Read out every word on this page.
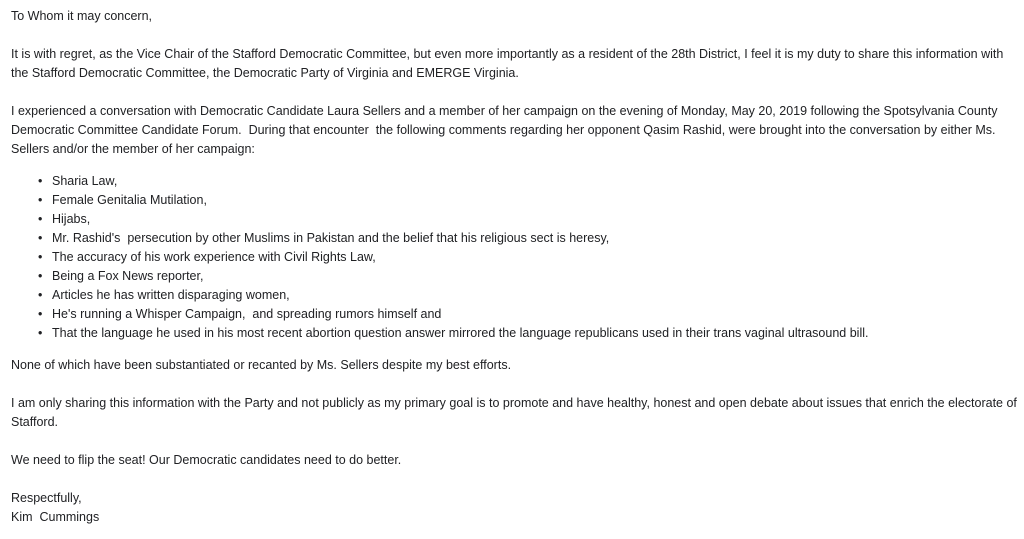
To Whom it may concern,

It is with regret, as the Vice Chair of the Stafford Democratic Committee, but even more importantly as a resident of the 28th District, I feel it is my duty to share this information with the Stafford Democratic Committee, the Democratic Party of Virginia and EMERGE Virginia.

I experienced a conversation with Democratic Candidate Laura Sellers and a member of her campaign on the evening of Monday, May 20, 2019 following the Spotsylvania County Democratic Committee Candidate Forum.  During that encounter  the following comments regarding her opponent Qasim Rashid, were brought into the conversation by either Ms. Sellers and/or the member of her campaign:

• Sharia Law,
• Female Genitalia Mutilation,
• Hijabs,
• Mr. Rashid's  persecution by other Muslims in Pakistan and the belief that his religious sect is heresy,
• The accuracy of his work experience with Civil Rights Law,
• Being a Fox News reporter,
• Articles he has written disparaging women,
• He's running a Whisper Campaign,  and spreading rumors himself and
• That the language he used in his most recent abortion question answer mirrored the language republicans used in their trans vaginal ultrasound bill.

None of which have been substantiated or recanted by Ms. Sellers despite my best efforts.

I am only sharing this information with the Party and not publicly as my primary goal is to promote and have healthy, honest and open debate about issues that enrich the electorate of Stafford.

We need to flip the seat! Our Democratic candidates need to do better.

Respectfully,

Kim  Cummings
